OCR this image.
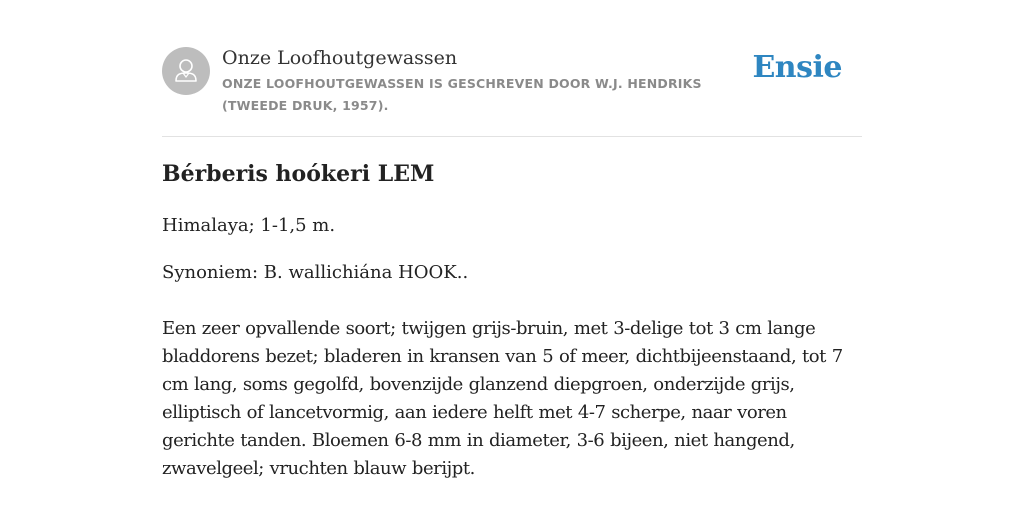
Onze Loofhoutgewassen
ONZE LOOFHOUTGEWASSEN IS GESCHREVEN DOOR W.J. HENDRIKS (TWEEDE DRUK, 1957).
Ensie
Bérberis hoókeri LEM

Himalaya; 1-1,5 m.

Synoniem: B. wallichiána HOOK..

Een zeer opvallende soort; twijgen grijs-bruin, met 3-delige tot 3 cm lange bladdorens bezet; bladeren in kransen van 5 of meer, dichtbijeenstaand, tot 7 cm lang, soms gegolfd, bovenzijde glanzend diepgroen, onderzijde grijs, elliptisch of lancetvormig, aan iedere helft met 4-7 scherpe, naar voren gerichte tanden. Bloemen 6-8 mm in diameter, 3-6 bijeen, niet hangend, zwavelgeel; vruchten blauw berijpt.
